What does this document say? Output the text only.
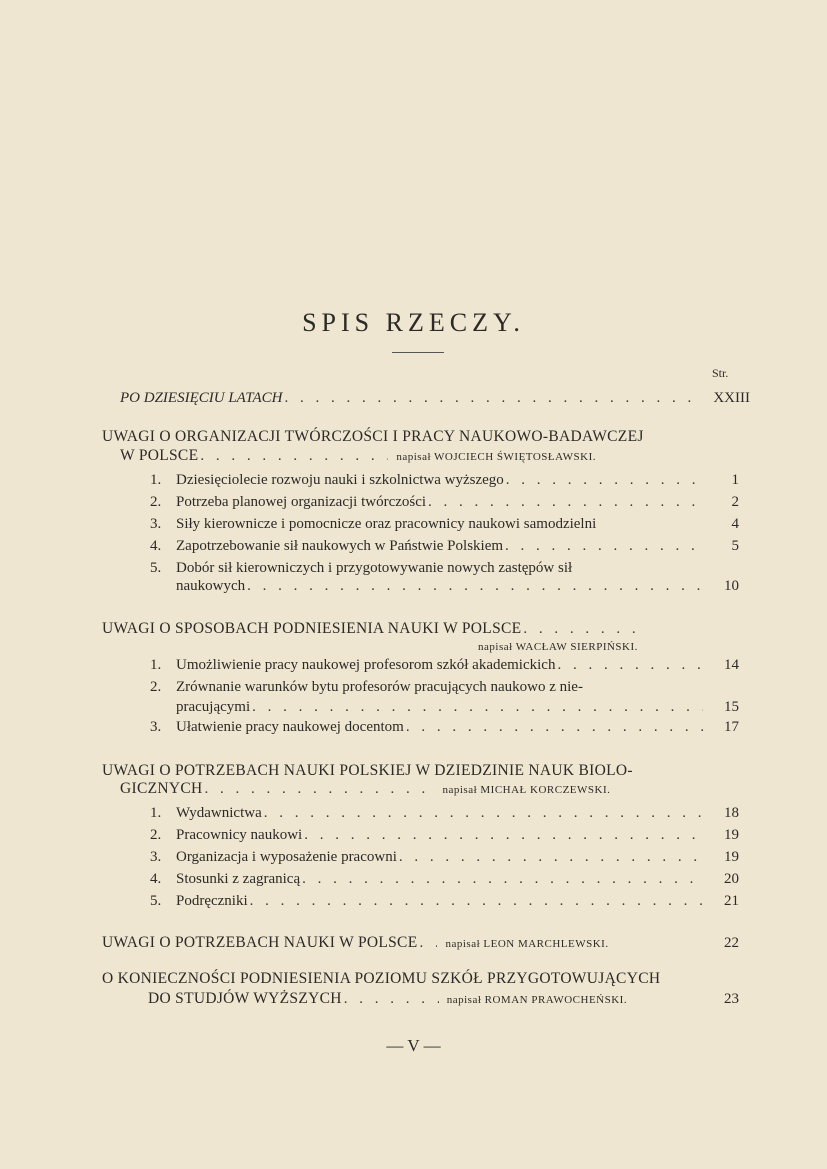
SPIS RZECZY.
Str.
PO DZIESIĘCIU LATACH . . .	XXIII
UWAGI O ORGANIZACJI TWÓRCZOŚCI I PRACY NAUKOWO-BADAWCZEJ
W POLSCE . . .	napisał WOJCIECH ŚWIĘTOSŁAWSKI.
1. Dziesięciolecie rozwoju nauki i szkolnictwa wyższego . . .	1
2. Potrzeba planowej organizacji twórczości . . .	2
3. Siły kierownicze i pomocnicze oraz pracownicy naukowi samodzielni	4
4. Zapotrzebowanie sił naukowych w Państwie Polskiem . . .	5
5. Dobór sił kierowniczych i przygotowywanie nowych zastępów sił
naukowych . . .	10
UWAGI O SPOSOBACH PODNIESIENIA NAUKI W POLSCE
. . .
napisał WACŁAW SIERPIŃSKI.
1. Umożliwienie pracy naukowej profesorom szkół akademickich . . .	14
2. Zrównanie warunków bytu profesorów pracujących naukowo z nie-
pracującymi . . .	15
3. Ułatwienie pracy naukowej docentom . . .	17
UWAGI O POTRZEBACH NAUKI POLSKIEJ W DZIEDZINIE NAUK BIOLO-
GICZNYCH . . .	napisał MICHAŁ KORCZEWSKI.
1. Wydawnictwa . . .	18
2. Pracownicy naukowi . . .	19
3. Organizacja i wyposażenie pracowni . . .	19
4. Stosunki z zagranicą . . .	20
5. Podręczniki . . .	21
UWAGI O POTRZEBACH NAUKI W POLSCE . . .	napisał LEON MARCHLEWSKI.	22
O KONIECZNOŚCI PODNIESIENIA POZIOMU SZKÓŁ PRZYGOTOWUJĄCYCH
DO STUDJÓW WYŻSZYCH . . .	napisał ROMAN PRAWOCHEŃSKI.	23
— V —
